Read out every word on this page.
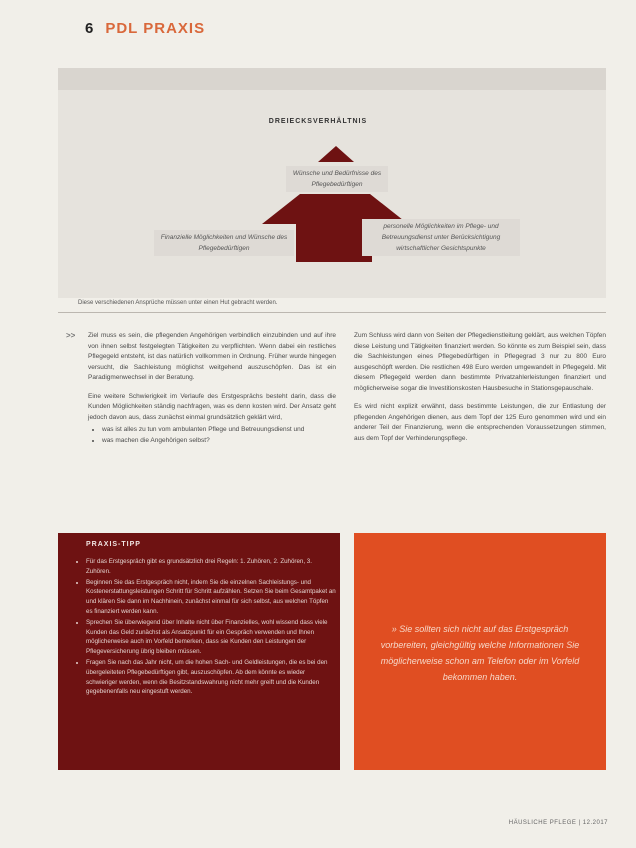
6 PDL PRAXIS
DREIECKSVERHÄLTNIS
Wünsche und Bedürfnisse des Pflegebedürftigen
Finanzielle Möglichkeiten und Wünsche des Pflegebedürftigen
personelle Möglichkeiten im Pflege- und Betreuungsdienst unter Berücksichtigung wirtschaftlicher Gesichtspunkte
Diese verschiedenen Ansprüche müssen unter einen Hut gebracht werden.
>> Ziel muss es sein, die pflegenden Angehörigen verbindlich einzubinden und auf ihre von ihnen selbst festgelegten Tätigkeiten zu verpflichten. Wenn dabei ein restliches Pflegegeld entsteht, ist das natürlich vollkommen in Ordnung. Früher wurde hingegen versucht, die Sachleistung möglichst weitgehend auszuschöpfen. Das ist ein Paradigmenwechsel in der Beratung.

Eine weitere Schwierigkeit im Verlaufe des Erstgesprächs besteht darin, dass die Kunden Möglichkeiten ständig nachfragen, was es denn kosten wird. Der Ansatz geht jedoch davon aus, dass zunächst einmal grundsätzlich geklärt wird,

• was ist alles zu tun vom ambulanten Pflege und Betreuungsdienst und
• was machen die Angehörigen selbst?

Zum Schluss wird dann von Seiten der Pflegedienstleitung geklärt, aus welchen Töpfen diese Leistung und Tätigkeiten finanziert werden. So könnte es zum Beispiel sein, dass die Sachleistungen eines Pflegebedürftigen in Pflegegrad 3 nur zu 800 Euro ausgeschöpft werden. Die restlichen 498 Euro werden umgewandelt in Pflegegeld. Mit diesem Pflegegeld werden dann bestimmte Privatzahlerleistungen finanziert und möglicherweise sogar die Investitionskosten Hausbesuche in Stationsgepauschale.

Es wird nicht explizit erwähnt, dass bestimmte Leistungen, die zur Entlastung der pflegenden Angehörigen dienen, aus dem Topf der 125 Euro genommen wird und ein anderer Teil der Finanzierung, wenn die entsprechenden Voraussetzungen stimmen, aus dem Topf der Verhinderungspflege.

PRAXIS-TIPP
• Für das Erstgespräch gibt es grundsätzlich drei Regeln: 1. Zuhören, 2. Zuhören, 3. Zuhören.
• Beginnen Sie das Erstgespräch nicht, indem Sie die einzelnen Sachleistungs- und Kostenerstattungsleistungen Schritt für Schritt aufzählen. Setzen Sie beim Gesamtpaket an und klären Sie dann im Nachhinein, zunächst einmal für sich selbst, aus welchen Töpfen es finanziert werden kann.
• Sprechen Sie überwiegend über Inhalte nicht über Finanzielles, wohl wissend dass viele Kunden das Geld zunächst als Ansatzpunkt für ein Gespräch verwenden und Ihnen möglicherweise auch im Vorfeld bemerken, dass sie Kunden den Leistungen der Pflegeversicherung übrig bleiben müssen.
• Fragen Sie nach das Jahr nicht, um die hohen Sach- und Geldleistungen, die es bei den übergeleiteten Pflegebedürftigen gibt, auszuschöpfen. Ab dem könnte es wieder schwieriger werden, wenn die Besitzstandswahrung nicht mehr greift und die Kunden gegebenenfalls neu eingestuft werden.
» Sie sollten sich nicht auf das Erstgespräch vorbereiten, gleichgültig welche Informationen Sie möglicherweise schon am Telefon oder im Vorfeld bekommen haben.
HÄUSLICHE PFLEGE | 12.2017
